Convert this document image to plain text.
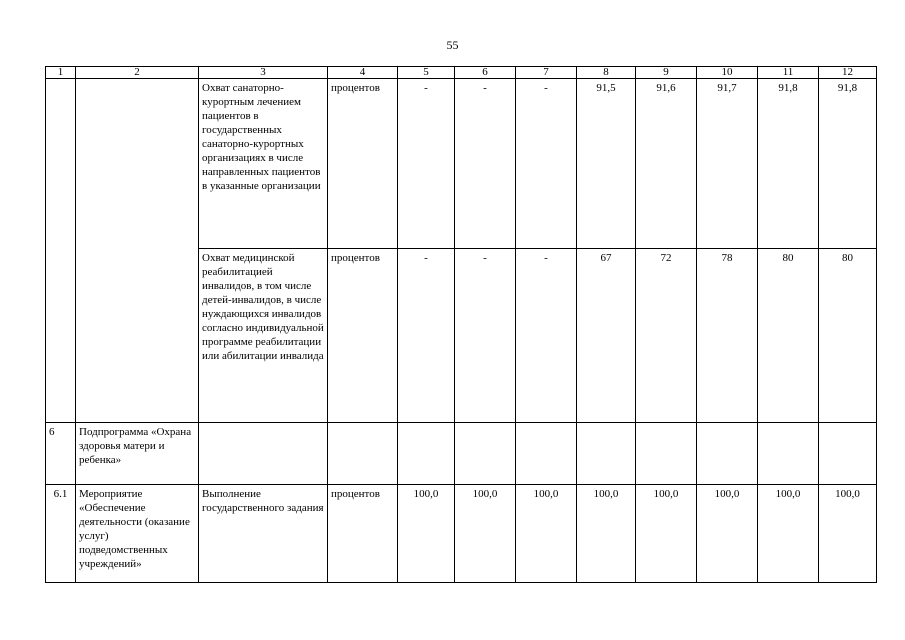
55
1	2	3	4	5	6	7	8	9	10	11	12
		Охват санаторно-курортным лечением пациентов в государственных санаторно-курортных организациях в числе направленных пациентов в указанные организации	процентов	-	-	-	91,5	91,6	91,7	91,8	91,8
		Охват медицинской реабилитацией инвалидов, в том числе детей-инвалидов, в числе нуждающихся инвалидов согласно индивидуальной программе реабилитации или абилитации инвалида	процентов	-	-	-	67	72	78	80	80
6	Подпрограмма «Охрана здоровья матери и ребенка»										
6.1	Мероприятие «Обеспечение деятельности (оказание услуг) подведомственных учреждений»	Выполнение государственного задания	процентов	100,0	100,0	100,0	100,0	100,0	100,0	100,0	100,0
